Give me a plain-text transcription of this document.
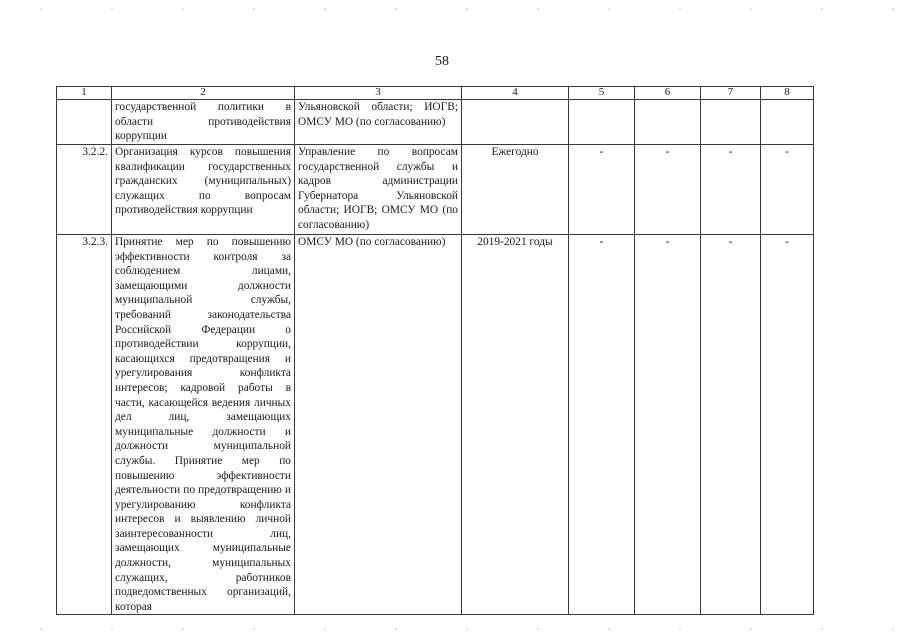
58
1	2	3	4	5	6	7	8
	государственной политики в области противодействия коррупции	Ульяновской области; ИОГВ; ОМСУ МО (по согласованию)					
3.2.2.	Организация курсов повышения квалификации государственных гражданских (муниципальных) служащих по вопросам противодействия коррупции	Управление по вопросам государственной службы и кадров администрации Губернатора Ульяновской области; ИОГВ; ОМСУ МО (по согласованию)	Ежегодно	-	-	-	-
3.2.3.	Принятие мер по повышению эффективности контроля за соблюдением лицами, замещающими должности муниципальной службы, требований законодательства Российской Федерации о противодействии коррупции, касающихся предотвращения и урегулирования конфликта интересов; кадровой работы в части, касающейся ведения личных дел лиц, замещающих муниципальные должности и должности муниципальной службы. Принятие мер по повышению эффективности деятельности по предотвращению и урегулированию конфликта интересов и выявлению личной заинтересованности лиц, замещающих муниципальные должности, муниципальных служащих, работников подведомственных организаций, которая	ОМСУ МО (по согласованию)	2019-2021 годы	-	-	-	-
